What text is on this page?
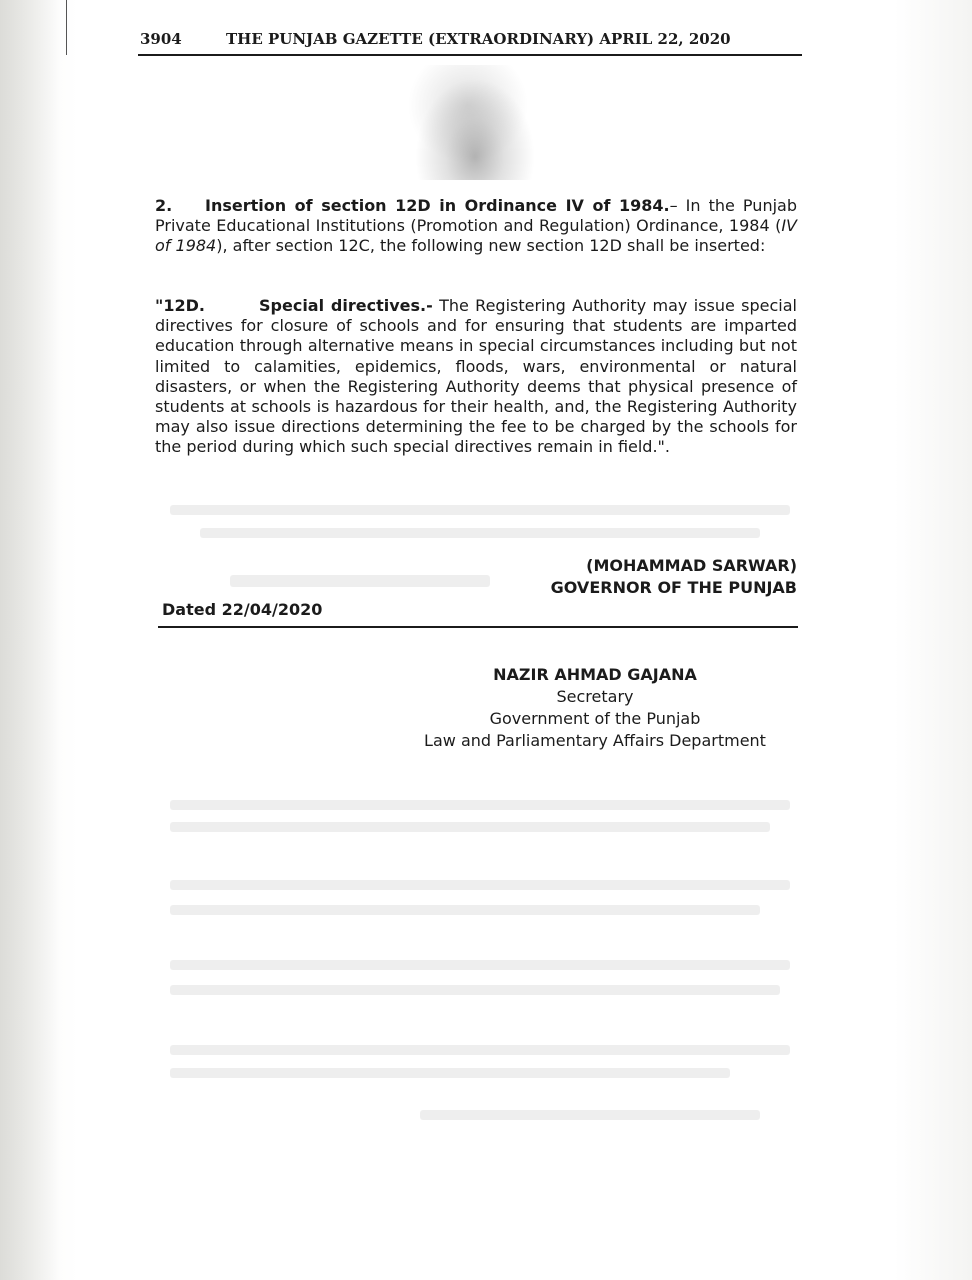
3904	THE PUNJAB GAZETTE (EXTRAORDINARY) APRIL 22, 2020
2. Insertion of section 12D in Ordinance IV of 1984.– In the Punjab Private Educational Institutions (Promotion and Regulation) Ordinance, 1984 (IV of 1984), after section 12C, the following new section 12D shall be inserted:
"12D.	Special directives.- The Registering Authority may issue special directives for closure of schools and for ensuring that students are imparted education through alternative means in special circumstances including but not limited to calamities, epidemics, floods, wars, environmental or natural disasters, or when the Registering Authority deems that physical presence of students at schools is hazardous for their health, and, the Registering Authority may also issue directions determining the fee to be charged by the schools for the period during which such special directives remain in field.".
(MOHAMMAD SARWAR)
GOVERNOR OF THE PUNJAB
Dated 22/04/2020
NAZIR AHMAD GAJANA
Secretary
Government of the Punjab
Law and Parliamentary Affairs Department
